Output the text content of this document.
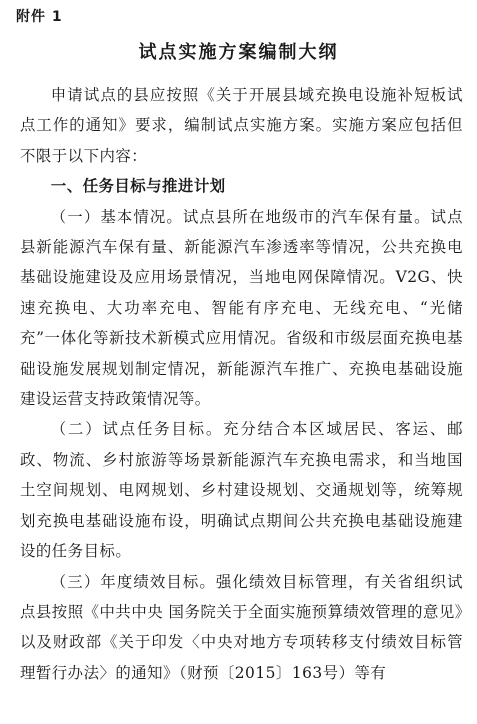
附件 1
试点实施方案编制大纲

申请试点的县应按照《关于开展县域充换电设施补短板试点工作的通知》要求，编制试点实施方案。实施方案应包括但不限于以下内容：

一、任务目标与推进计划

（一）基本情况。试点县所在地级市的汽车保有量。试点县新能源汽车保有量、新能源汽车渗透率等情况，公共充换电基础设施建设及应用场景情况，当地电网保障情况。V2G、快速充换电、大功率充电、智能有序充电、无线充电、“光储充”一体化等新技术新模式应用情况。省级和市级层面充换电基础设施发展规划制定情况，新能源汽车推广、充换电基础设施建设运营支持政策情况等。

（二）试点任务目标。充分结合本区域居民、客运、邮政、物流、乡村旅游等场景新能源汽车充换电需求，和当地国土空间规划、电网规划、乡村建设规划、交通规划等，统筹规划充换电基础设施布设，明确试点期间公共充换电基础设施建设的任务目标。

（三）年度绩效目标。强化绩效目标管理，有关省组织试点县按照《中共中央 国务院关于全面实施预算绩效管理的意见》以及财政部《关于印发〈中央对地方专项转移支付绩效目标管理暂行办法〉的通知》（财预〔2015〕163号）等有
